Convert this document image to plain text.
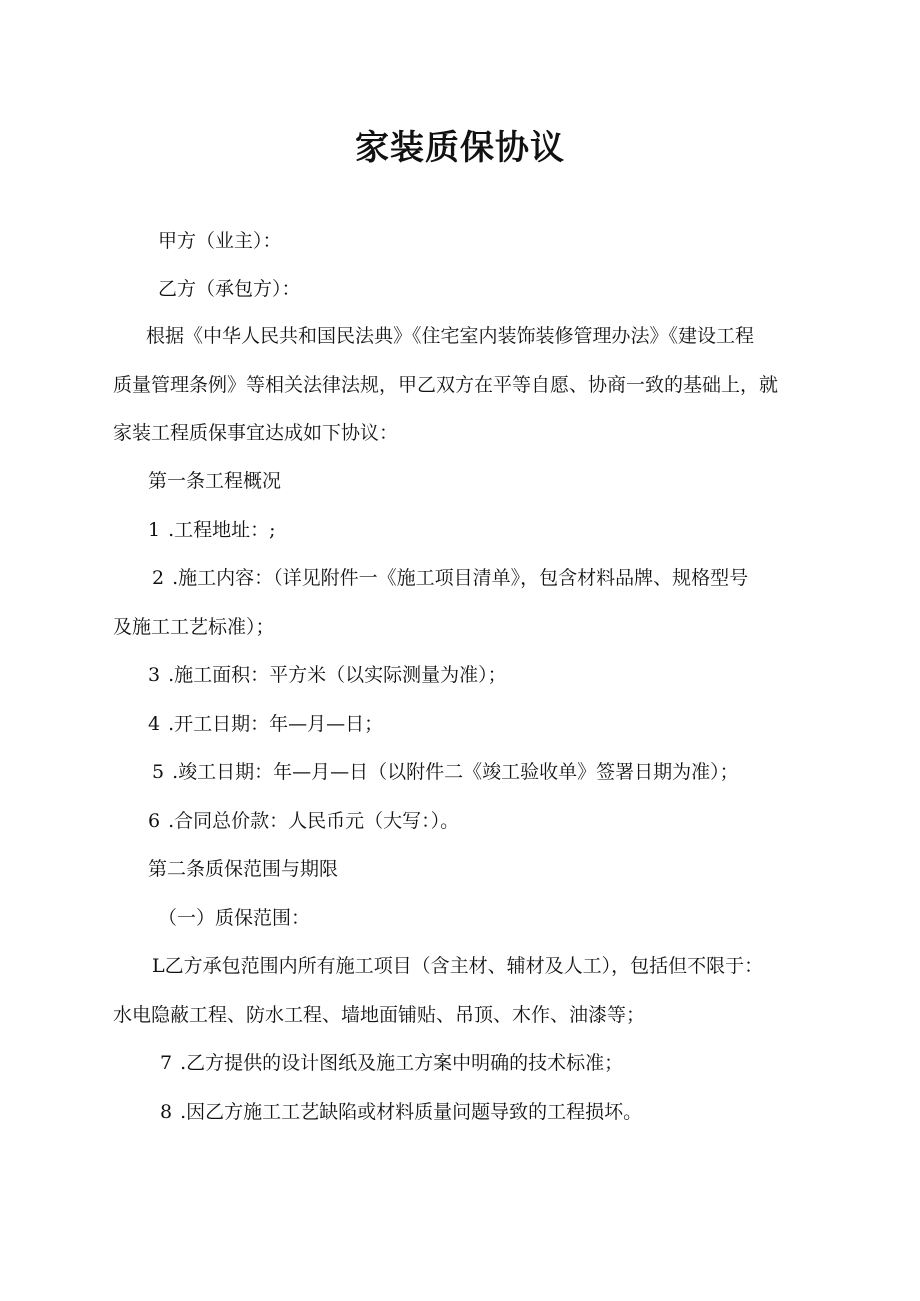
家装质保协议
甲方（业主）：
乙方（承包方）：
根据《中华人民共和国民法典》《住宅室内装饰装修管理办法》《建设工程
质量管理条例》等相关法律法规，甲乙双方在平等自愿、协商一致的基础上，就
家装工程质保事宜达成如下协议：
第一条工程概况
1 .工程地址：;
2 .施工内容：（详见附件一《施工项目清单》，包含材料品牌、规格型号
及施工工艺标准）；
3 .施工面积：平方米（以实际测量为准）；
4 .开工日期：年—月—日；
5 .竣工日期：年—月—日（以附件二《竣工验收单》签署日期为准）；
6 .合同总价款：人民币元（大写：）。
第二条质保范围与期限
（一）质保范围：
L乙方承包范围内所有施工项目（含主材、辅材及人工），包括但不限于：
水电隐蔽工程、防水工程、墙地面铺贴、吊顶、木作、油漆等；
7 .乙方提供的设计图纸及施工方案中明确的技术标准；
8 .因乙方施工工艺缺陷或材料质量问题导致的工程损坏。
